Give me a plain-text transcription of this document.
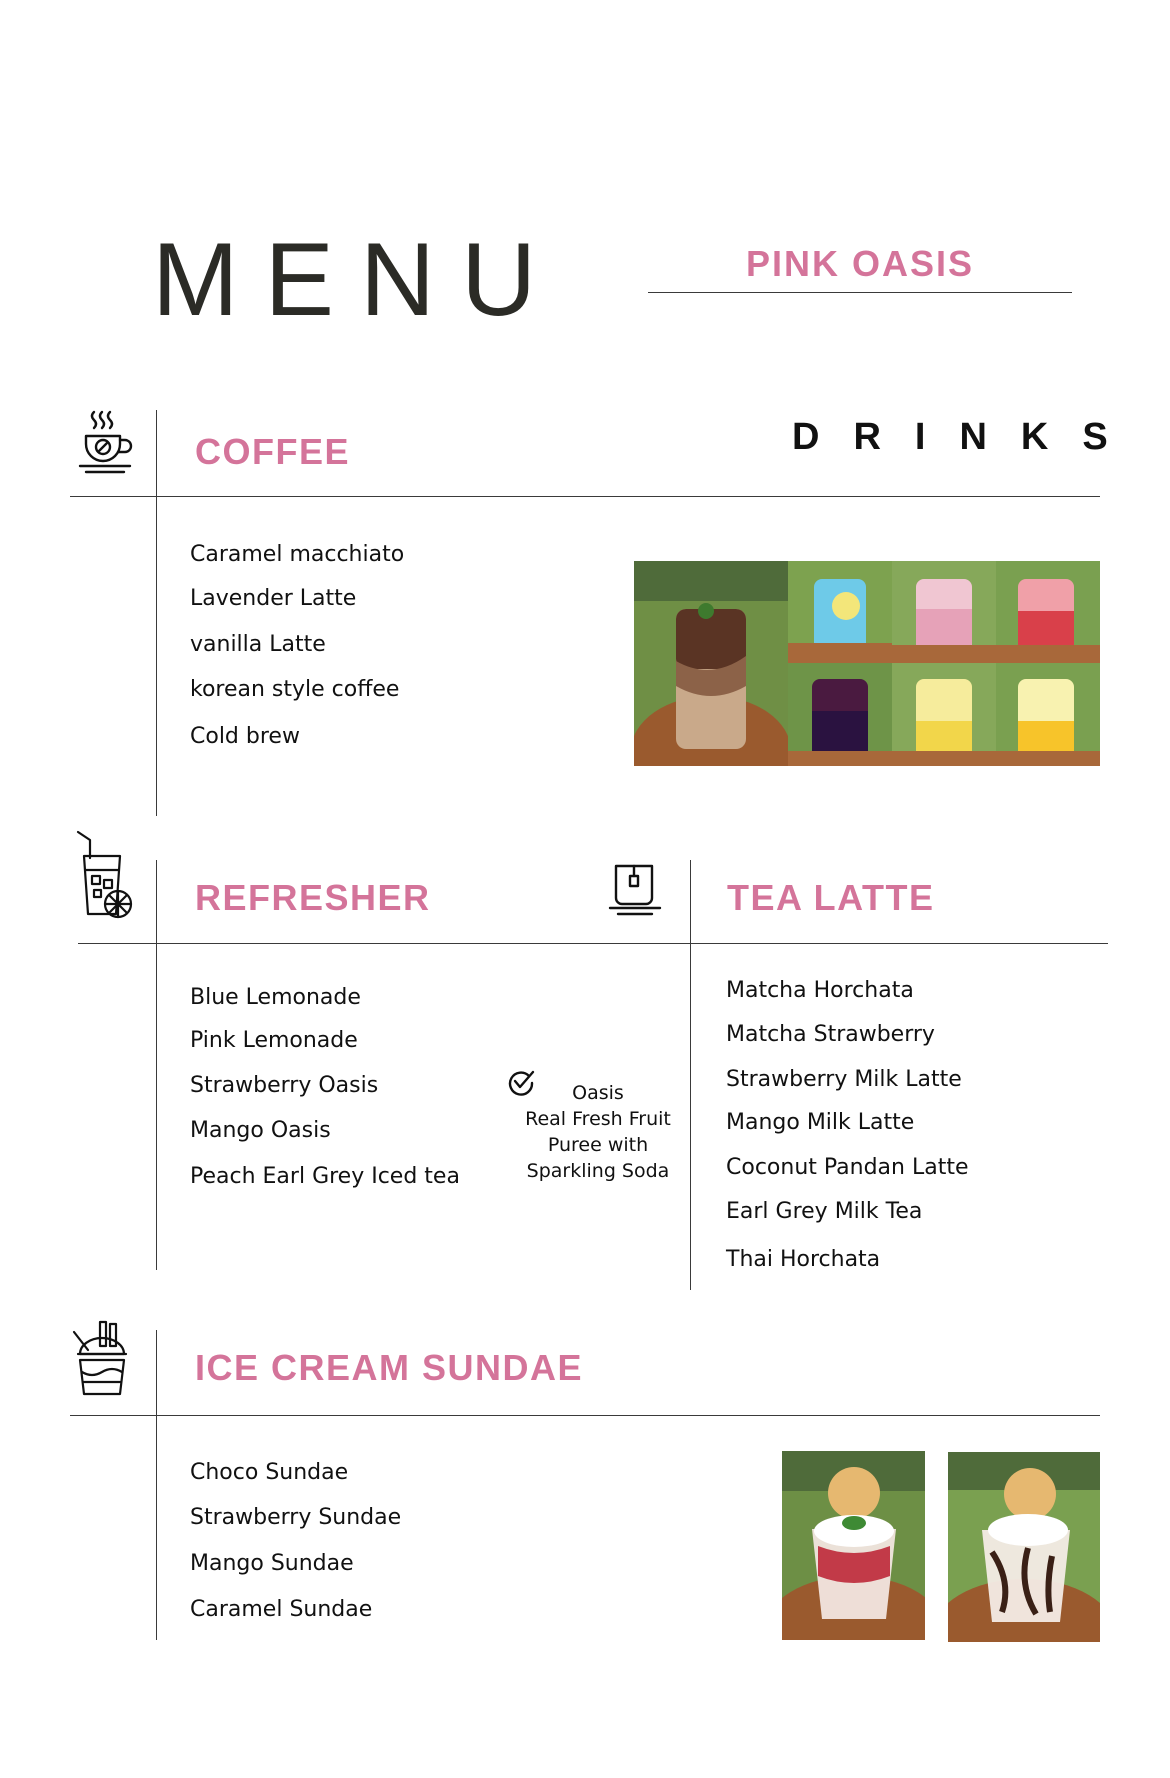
MENU	PINK OASIS
COFFEE	DRINKS
Caramel macchiato
Lavender Latte
vanilla Latte
korean style coffee
Cold brew
REFRESHER	TEA LATTE
Blue Lemonade
Pink Lemonade
Strawberry Oasis
Mango Oasis
Peach Earl Grey Iced tea
Oasis
Real Fresh Fruit
Puree with
Sparkling Soda
Matcha Horchata
Matcha Strawberry
Strawberry Milk Latte
Mango Milk Latte
Coconut Pandan Latte
Earl Grey Milk Tea
Thai Horchata
ICE CREAM SUNDAE
Choco Sundae
Strawberry Sundae
Mango Sundae
Caramel Sundae
